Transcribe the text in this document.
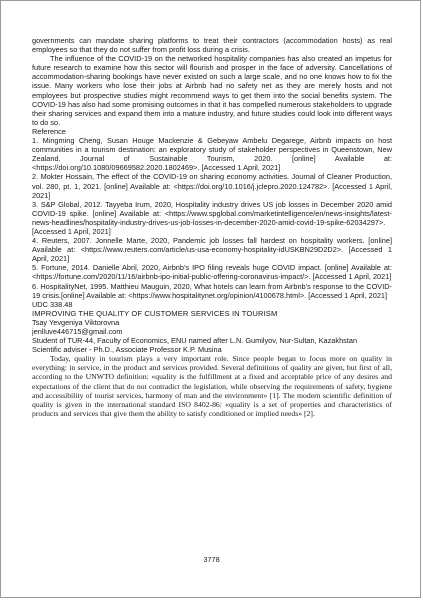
governments can mandate sharing platforms to treat their contractors (accommodation hosts) as real employees so that they do not suffer from profit loss during a crisis.

The influence of the COVID-19 on the networked hospitality companies has also created an impetus for future research to examine how this sector will flourish and prosper in the face of adversity. Cancellations of accommodation-sharing bookings have never existed on such a large scale, and no one knows how to fix the issue. Many workers who lose their jobs at Airbnb had no safety net as they are merely hosts and not employees but prospective studies might recommend ways to get them into the social benefits system. The COVID-19 has also had some promising outcomes in that it has compelled numerous stakeholders to upgrade their sharing services and expand them into a mature industry, and future studies could look into different ways to do so.

Reference

1. Mingming Cheng, Susan Houge Mackenzie & Gebeyaw Ambelu Degarege, Airbnb impacts on host communities in a tourism destination: an exploratory study of stakeholder perspectives in Queenstown, New Zealand. Journal of Sustainable Tourism, 2020. [online] Available at: <https://doi.org/10.1080/09669582.2020.1802469>. [Accessed 1 April, 2021]

2. Mokter Hossain, The effect of the COVID-19 on sharing economy activities. Journal of Cleaner Production, vol. 280, pt. 1, 2021. [online] Available at: <https://doi.org/10.1016/j.jclepro.2020.124782>. [Accessed 1 April, 2021]

3. S&P Global, 2012. Tayyeba Irum, 2020, Hospitality industry drives US job losses in December 2020 amid COVID-19 spike. [online] Available at: <https://www.spglobal.com/marketintelligence/en/news-insights/latest-news-headlines/hospitality-industry-drives-us-job-losses-in-december-2020-amid-covid-19-spike-62034297>. [Accessed 1 April, 2021]

4. Reuters, 2007. Jonnelle Marte, 2020, Pandemic job losses fall hardest on hospitality workers. [online] Available at: <https://www.reuters.com/article/us-usa-economy-hospitality-idUSKBN29D2D2>. [Accessed 1 April, 2021]

5. Fortune, 2014. Danielle Abril, 2020, Airbnb’s IPO filing reveals huge COVID impact. [online] Available at: <https://fortune.com/2020/11/16/airbnb-ipo-initial-public-offering-coronavirus-impact/>. [Accessed 1 April, 2021]

6. HospitalityNet, 1995. Matthieu Mauguin, 2020, What hotels can learn from Airbnb’s response to the COVID-19 crisis.[online] Available at: <https://www.hospitalitynet.org/opinion/4100678.html>. [Accessed 1 April, 2021]

UDC 338.48

IMPROVING THE QUALITY OF CUSTOMER SERVICES IN TOURISM

Tsay Yevgeniya Viktorovna

jenlluve446715@gmail.com

Student of TUR-44, Faculty of Economics, ENU named after L.N. Gumilyov, Nur-Sultan, Kazakhstan

Scientific adviser - Ph.D., Associate Professor K.P. Musina

Today, quality in tourism plays a very important role. Since people began to focus more on quality in everything: in service, in the product and services provided. Several definitions of quality are given, but first of all, according to the UNWTO definition: «quality is the fulfillment at a fixed and acceptable price of any desires and expectations of the client that do not contradict the legislation, while observing the requirements of safety, hygiene and accessibility of tourist services, harmony of man and the environment» [1]. The modern scientific definition of quality is given in the international standard ISO 8402-86: «quality is a set of properties and characteristics of products and services that give them the ability to satisfy conditioned or implied needs» [2].

3778
